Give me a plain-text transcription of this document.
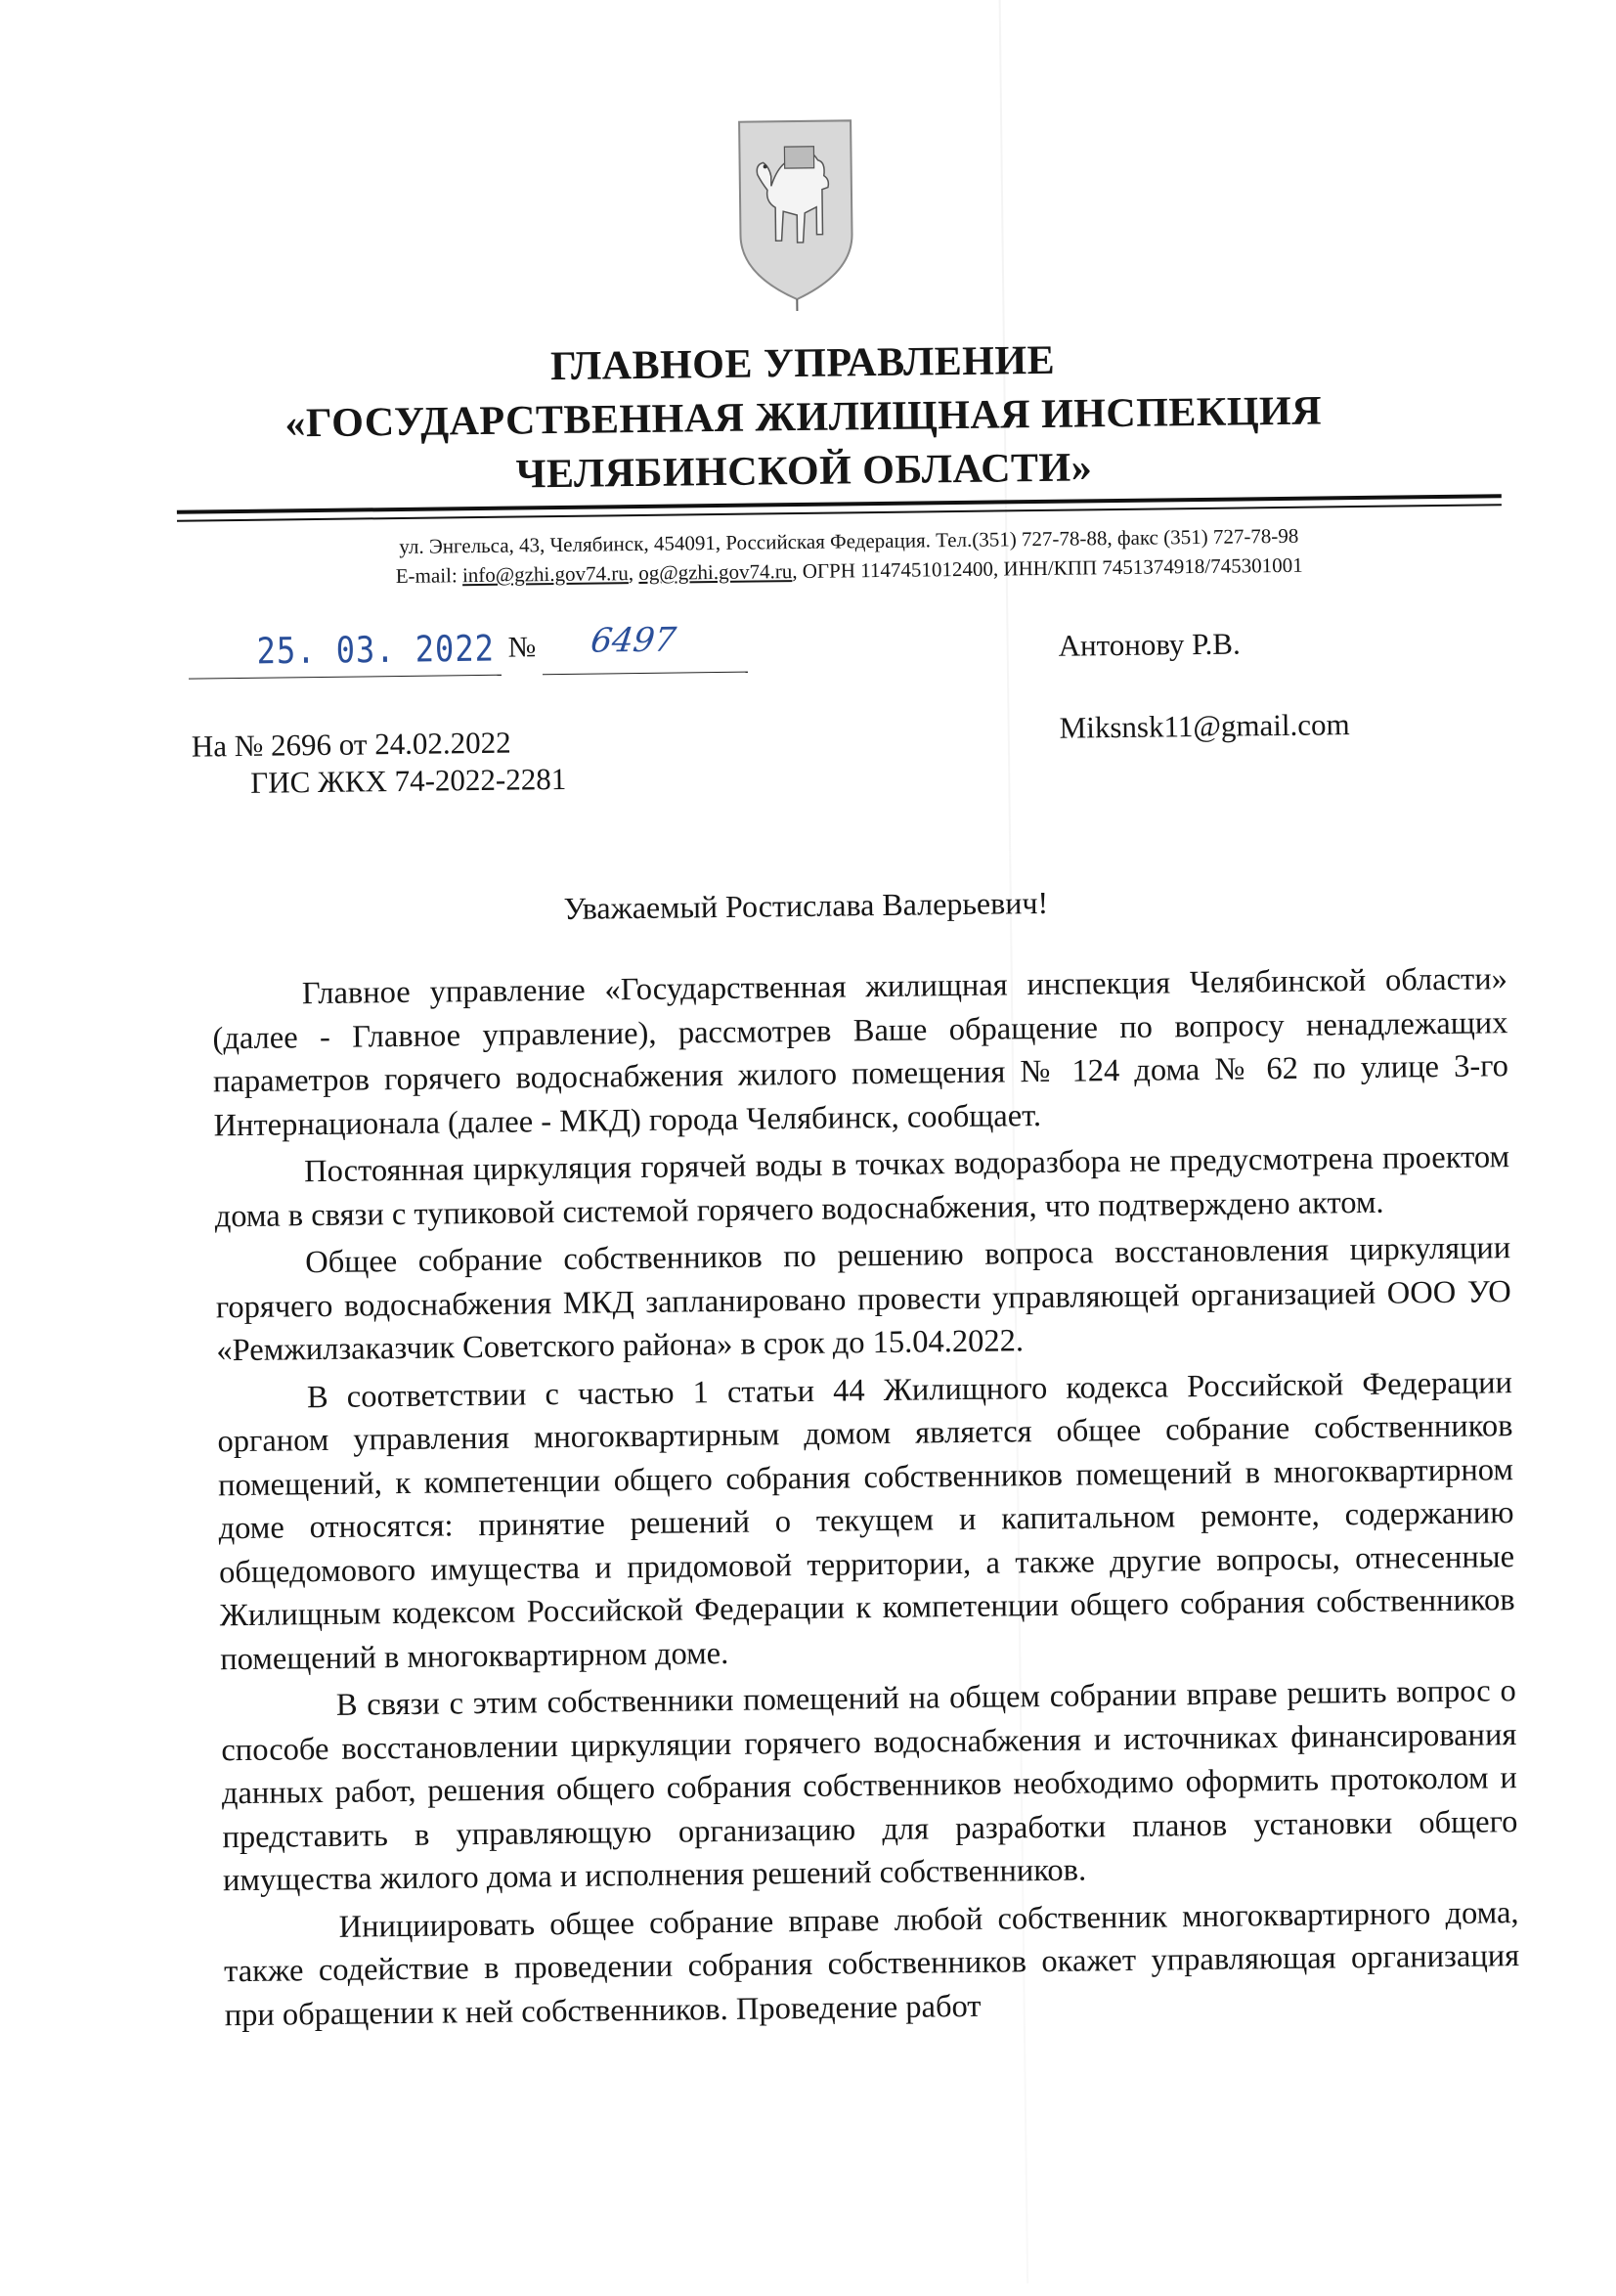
ГЛАВНОЕ УПРАВЛЕНИЕ
«ГОСУДАРСТВЕННАЯ ЖИЛИЩНАЯ ИНСПЕКЦИЯ
ЧЕЛЯБИНСКОЙ ОБЛАСТИ»
ул. Энгельса, 43, Челябинск, 454091, Российская Федерация. Тел.(351) 727-78-88, факс (351) 727-78-98
E-mail: info@gzhi.gov74.ru, og@gzhi.gov74.ru, ОГРН 1147451012400, ИНН/КПП 7451374918/745301001
25. 03. 2022 № 6497	Антонову Р.В.
Miksnsk11@gmail.com
На № 2696 от 24.02.2022
ГИС ЖКХ 74-2022-2281
Уважаемый Ростислава Валерьевич!

Главное управление «Государственная жилищная инспекция Челябинской области» (далее - Главное управление), рассмотрев Ваше обращение по вопросу ненадлежащих параметров горячего водоснабжения жилого помещения № 124 дома № 62 по улице 3-го Интернационала (далее - МКД) города Челябинск, сообщает.

Постоянная циркуляция горячей воды в точках водоразбора не предусмотрена проектом дома в связи с тупиковой системой горячего водоснабжения, что подтверждено актом.

Общее собрание собственников по решению вопроса восстановления циркуляции горячего водоснабжения МКД запланировано провести управляющей организацией ООО УО «Ремжилзаказчик Советского района» в срок до 15.04.2022.

В соответствии с частью 1 статьи 44 Жилищного кодекса Российской Федерации органом управления многоквартирным домом является общее собрание собственников помещений, к компетенции общего собрания собственников помещений в многоквартирном доме относятся: принятие решений о текущем и капитальном ремонте, содержанию общедомового имущества и придомовой территории, а также другие вопросы, отнесенные Жилищным кодексом Российской Федерации к компетенции общего собрания собственников помещений в многоквартирном доме.

В связи с этим собственники помещений на общем собрании вправе решить вопрос о способе восстановлении циркуляции горячего водоснабжения и источниках финансирования данных работ, решения общего собрания собственников необходимо оформить протоколом и представить в управляющую организацию для разработки планов установки общего имущества жилого дома и исполнения решений собственников.

Инициировать общее собрание вправе любой собственник многоквартирного дома, также содействие в проведении собрания собственников окажет управляющая организация при обращении к ней собственников. Проведение работ
